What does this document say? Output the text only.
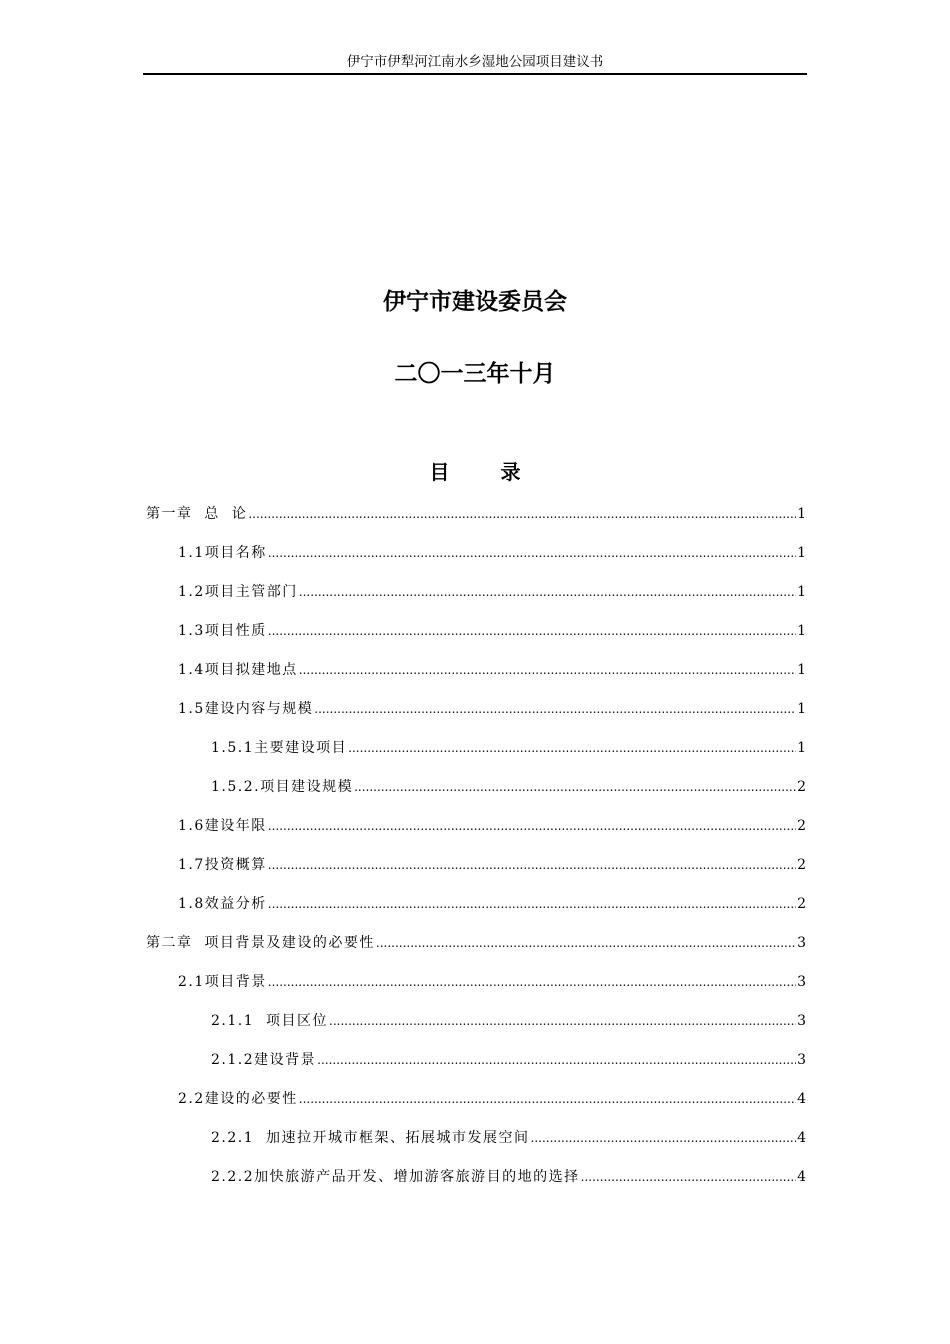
伊宁市伊犁河江南水乡湿地公园项目建议书
伊宁市建设委员会
二〇一三年十月
目 录
第一章  总  论 .....	1
1.1项目名称 .....	1
1.2项目主管部门 .....	1
1.3项目性质 .....	1
1.4项目拟建地点 .....	1
1.5建设内容与规模 .....	1
1.5.1主要建设项目 .....	1
1.5.2.项目建设规模 .....	2
1.6建设年限 .....	2
1.7投资概算 .....	2
1.8效益分析 .....	2
第二章  项目背景及建设的必要性 .....	3
2.1项目背景 .....	3
2.1.1  项目区位 .....	3
2.1.2建设背景 .....	3
2.2建设的必要性 .....	4
2.2.1  加速拉开城市框架、拓展城市发展空间 .....	4
2.2.2加快旅游产品开发、增加游客旅游目的地的选择 .....	4
